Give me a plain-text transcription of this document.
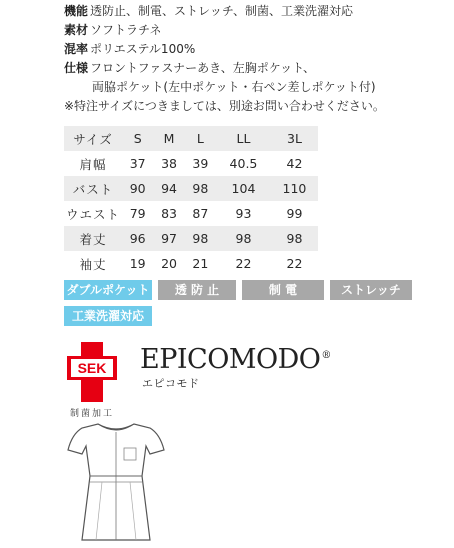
機能 透防止、制電、ストレッチ、制菌、工業洗濯対応
素材 ソフトラチネ
混率 ポリエステル100%
仕様 フロントファスナーあき、左胸ポケット、
両脇ポケット(左中ポケット・右ペン差しポケット付)
※特注サイズにつきましては、別途お問い合わせください。
サイズ	S	M	L	LL	3L
肩幅	37	38	39	40.5	42
バスト	90	94	98	104	110
ウエスト	79	83	87	93	99
着丈	96	97	98	98	98
袖丈	19	20	21	22	22
ダブルポケット	透 防 止	制 電	ストレッチ
工業洗濯対応
SEK
制菌加工
EPICOMODO®
エピコモド
